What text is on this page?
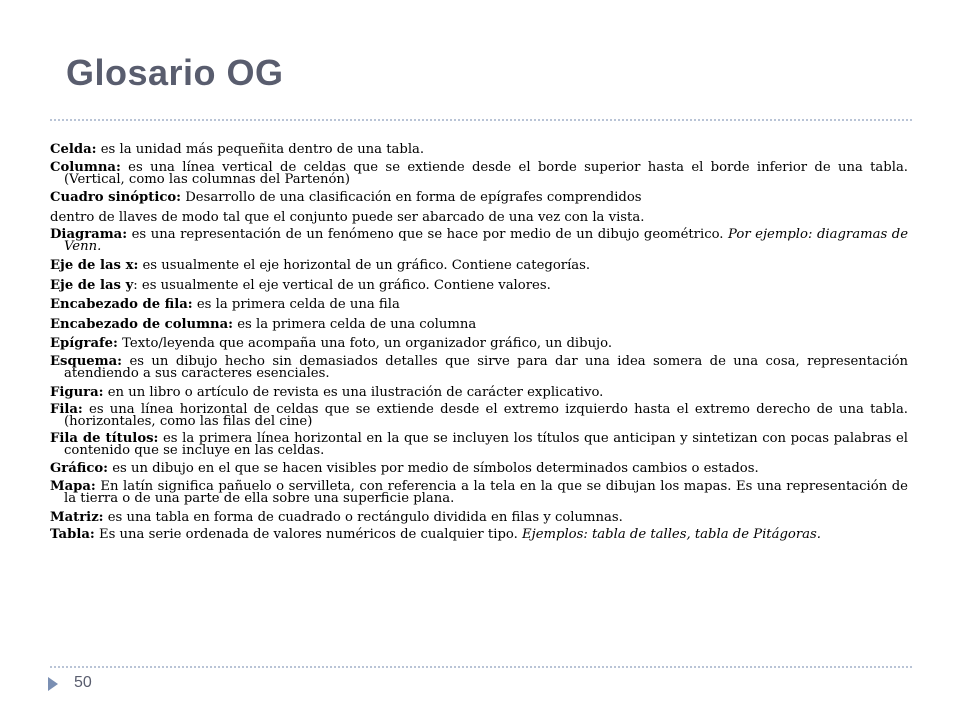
Glosario OG

Celda: es la unidad más pequeñita dentro de una tabla.

Columna: es una línea vertical de celdas que se extiende desde el borde superior hasta el borde inferior de una tabla. (Vertical, como las columnas del Partenón)

Cuadro sinóptico: Desarrollo de una clasificación en forma de epígrafes comprendidos

dentro de llaves de modo tal que el conjunto puede ser abarcado de una vez con la vista.

Diagrama: es una representación de un fenómeno que se hace por medio de un dibujo geométrico. Por ejemplo: diagramas de Venn.

Eje de las x: es usualmente el eje horizontal de un gráfico. Contiene categorías.

Eje de las y: es usualmente el eje vertical de un gráfico. Contiene valores.

Encabezado de fila: es la primera celda de una fila

Encabezado de columna: es la primera celda de una columna

Epígrafe: Texto/leyenda que acompaña una foto, un organizador gráfico, un dibujo.

Esquema: es un dibujo hecho sin demasiados detalles que sirve para dar una idea somera de una cosa, representación atendiendo a sus caracteres esenciales.

Figura: en un libro o artículo de revista es una ilustración de carácter explicativo.

Fila: es una línea horizontal de celdas que se extiende desde el extremo izquierdo hasta el extremo derecho de una tabla. (horizontales, como las filas del cine)

Fila de títulos: es la primera línea horizontal en la que se incluyen los títulos que anticipan y sintetizan con pocas palabras el contenido que se incluye en las celdas.

Gráfico: es un dibujo en el que se hacen visibles por medio de símbolos determinados cambios o estados.

Mapa: En latín significa pañuelo o servilleta, con referencia a la tela en la que se dibujan los mapas. Es una representación de la tierra o de una parte de ella sobre una superficie plana.

Matriz: es una tabla en forma de cuadrado o rectángulo dividida en filas y columnas.

Tabla: Es una serie ordenada de valores numéricos de cualquier tipo. Ejemplos: tabla de talles, tabla de Pitágoras.

50
